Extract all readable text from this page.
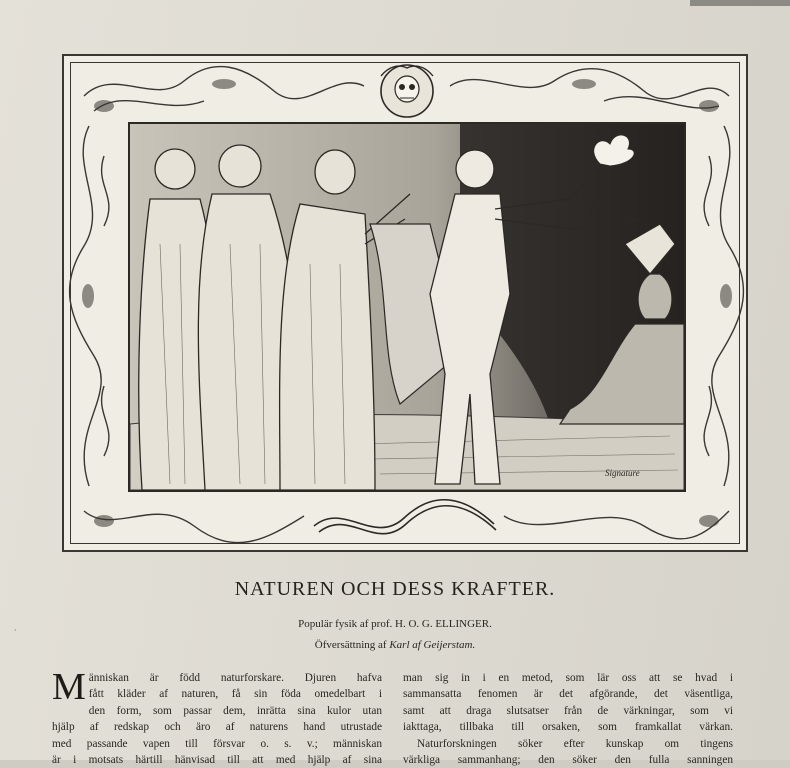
Signature
NATUREN OCH DESS KRAFTER.
Populär fysik af prof. H. O. G. ELLINGER.
Öfversättning af Karl af Geijerstam.
·
M änniskan är född naturforskare. Djuren hafva
fått kläder af naturen, få sin föda omedelbart i
den form, som passar dem, inrätta sina kulor utan
hjälp af redskap och äro af naturens hand utrustade
med passande vapen till försvar o. s. v.; människan
är i motsats härtill hänvisad till att med hjälp af sina
man sig in i en metod, som lär oss att se hvad i
sammansatta fenomen är det afgörande, det väsentliga,
samt att draga slutsatser från de värkningar, som vi
iakttaga, tillbaka till orsaken, som framkallat värkan.
Naturforskningen söker efter kunskap om tingens
värkliga sammanhang; den söker den fulla sanningen
